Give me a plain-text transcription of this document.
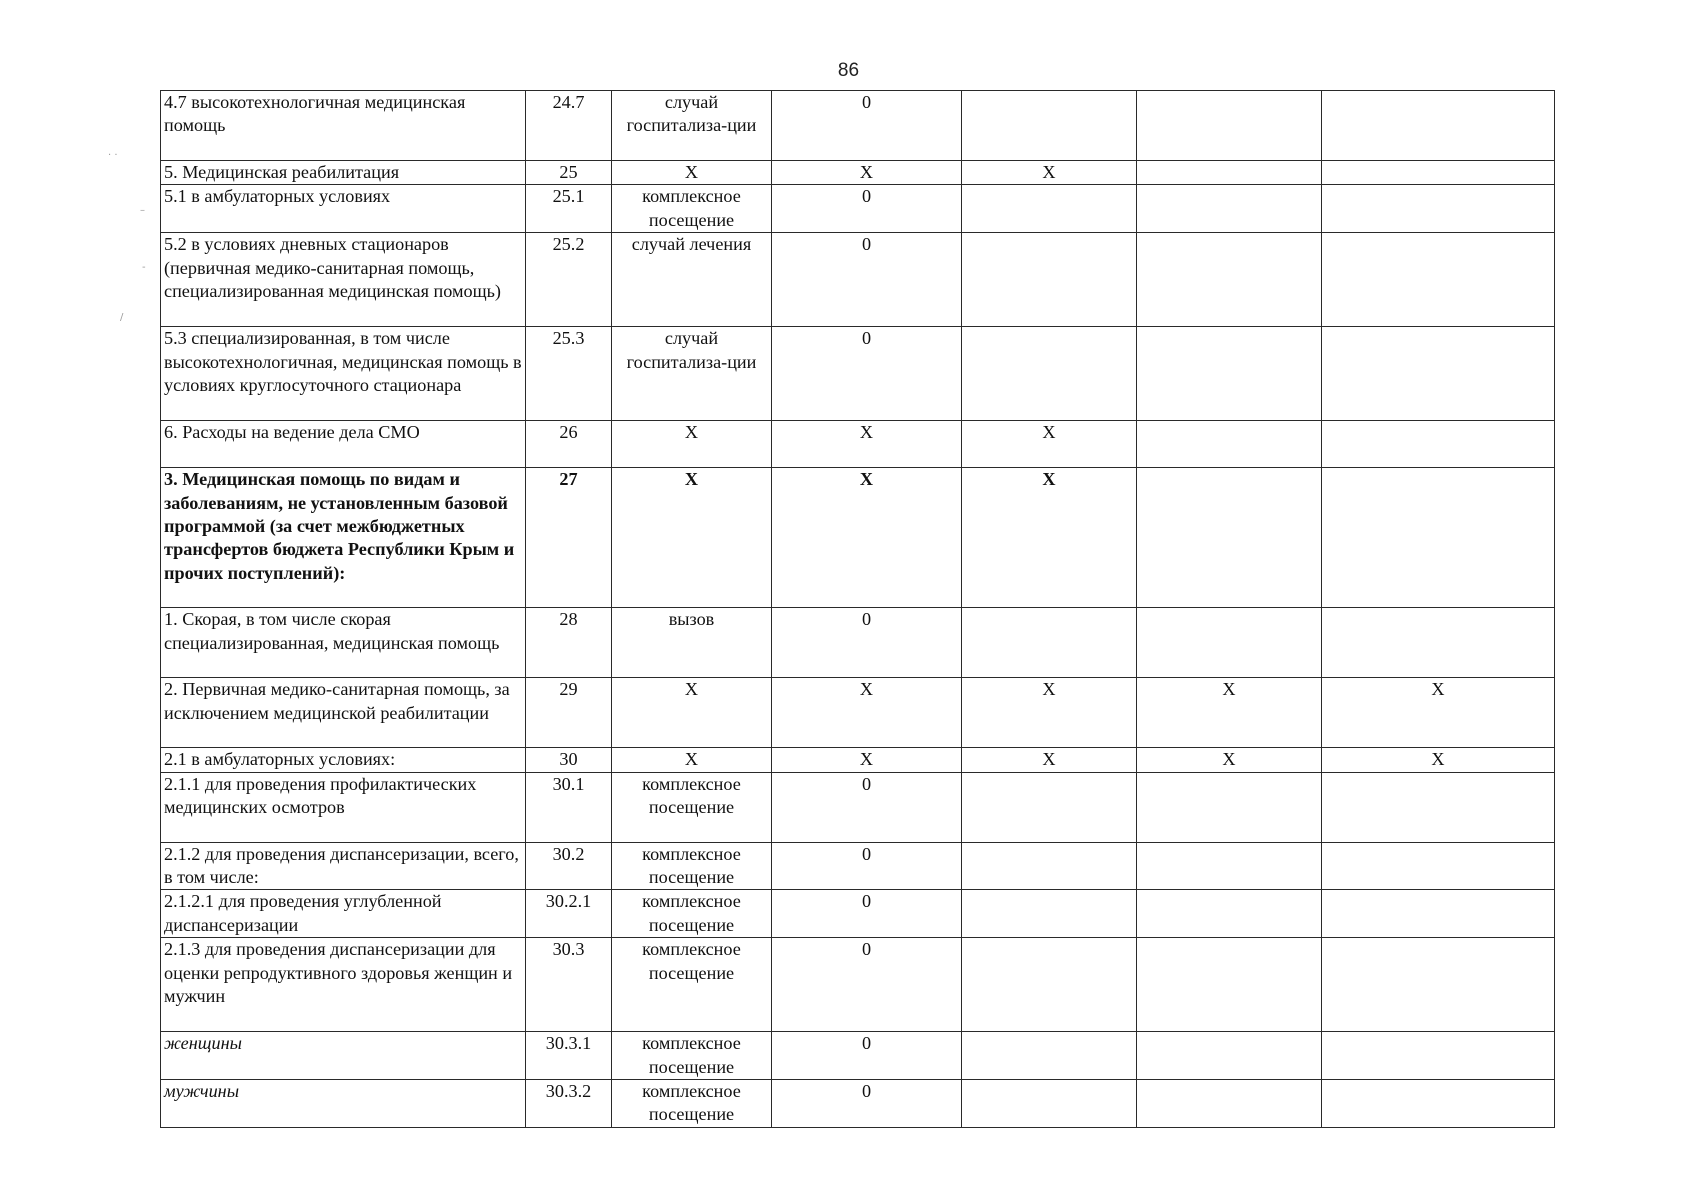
86
· ·
–
-
/
4.7 высокотехнологичная медицинская помощь	24.7	случай госпитализа-ции	0			
5. Медицинская реабилитация	25	Х	Х	Х		
5.1 в амбулаторных условиях	25.1	комплексное посещение	0			
5.2 в условиях дневных стационаров (первичная медико-санитарная помощь, специализированная медицинская помощь)	25.2	случай лечения	0			
5.3 специализированная, в том числе высокотехнологичная, медицинская помощь в условиях круглосуточного стационара	25.3	случай госпитализа-ции	0			
6. Расходы на ведение дела СМО	26	Х	Х	Х		
3. Медицинская помощь по видам и заболеваниям, не установленным базовой программой (за счет межбюджетных трансфертов бюджета Республики Крым и прочих поступлений):	27	Х	Х	Х		
1. Скорая, в том числе скорая специализированная, медицинская помощь	28	вызов	0			
2. Первичная медико-санитарная помощь, за исключением медицинской реабилитации	29	Х	Х	Х	Х	Х
2.1 в амбулаторных условиях:	30	Х	Х	Х	Х	Х
2.1.1 для проведения профилактических медицинских осмотров	30.1	комплексное посещение	0			
2.1.2 для проведения диспансеризации, всего, в том числе:	30.2	комплексное посещение	0			
2.1.2.1 для проведения углубленной диспансеризации	30.2.1	комплексное посещение	0			
2.1.3 для проведения диспансеризации для оценки репродуктивного здоровья женщин и мужчин	30.3	комплексное посещение	0			
женщины	30.3.1	комплексное посещение	0			
мужчины	30.3.2	комплексное посещение	0			
